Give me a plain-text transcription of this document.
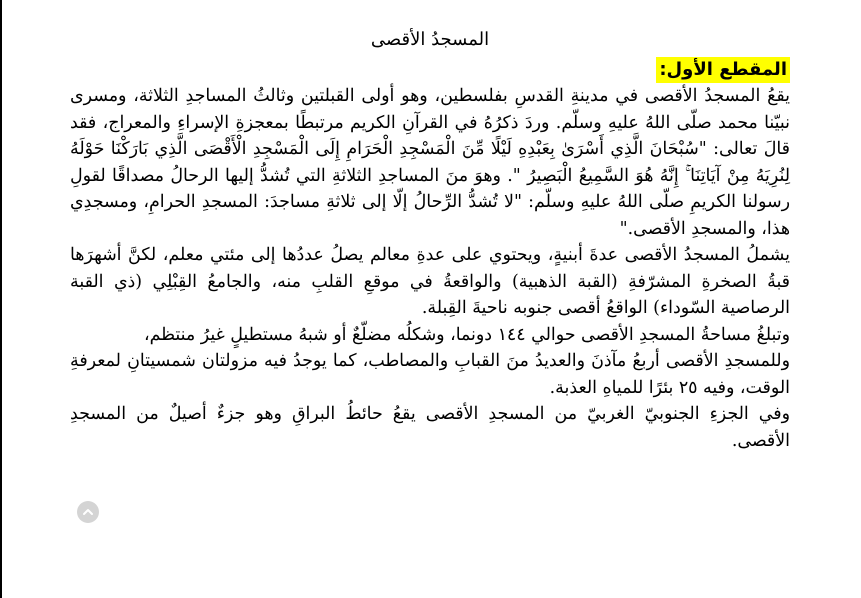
المسجدُ الأقصى

المقطع الأول:

يقعُ المسجدُ الأقصى في مدينةِ القدسِ بفلسطين، وهو أولى القبلتين وثالثُ المساجدِ الثلاثة، ومسرى نبيّنا محمد صلّى اللهُ عليهِ وسلّم. وردَ ذكرُهُ في القرآنِ الكريم مرتبطًا بمعجزةِ الإسراءِ والمعراج، فقد قالَ تعالى: "سُبْحَانَ الَّذِي أَسْرَىٰ بِعَبْدِهِ لَيْلًا مِّنَ الْمَسْجِدِ الْحَرَامِ إِلَى الْمَسْجِدِ الْأَقْصَى الَّذِي بَارَكْنَا حَوْلَهُ لِنُرِيَهُ مِنْ آيَاتِنَا ۚ إِنَّهُ هُوَ السَّمِيعُ الْبَصِيرُ ". وهوَ منَ المساجدِ الثلاثةِ التي تُشدُّ إليها الرحالُ مصداقًا لقولِ رسولنا الكريمِ صلّى اللهُ عليهِ وسلّم: "لا تُشدُّ الرِّحالُ إلّا إلى ثلاثةِ مساجدَ: المسجدِ الحرامِ، ومسجدِي هذا، والمسجدِ الأقصى."

يشملُ المسجدُ الأقصى عدةَ أبنيةٍ، ويحتوي على عدةِ معالم يصلُ عددُها إلى مئتي معلم، لكنَّ أشهرَها قبةُ الصخرةِ المشرّفةِ (القبة الذهبية) والواقعةُ في موقعِ القلبِ منه، والجامعُ القِبْلِي (ذي القبة الرصاصية السّوداء) الواقعُ أقصى جنوبه ناحيةَ القِبلة.

وتبلغُ مساحةُ المسجدِ الأقصى حوالي ١٤٤ دونما، وشكلُه مضلّعٌ أو شبهُ مستطيلٍ غيرُ منتظم،

وللمسجدِ الأقصى أربعُ مآذنَ والعديدُ منَ القبابِ والمصاطب، كما يوجدُ فيه مزولتان شمسيتانِ لمعرفةِ الوقت، وفيه ٢٥ بئرًا للمياهِ العذبة.

وفي الجزءِ الجنوبيّ الغربيّ من المسجدِ الأقصى يقعُ حائطُ البراقِ وهو جزءٌ أصيلٌ من المسجدِ الأقصى.
